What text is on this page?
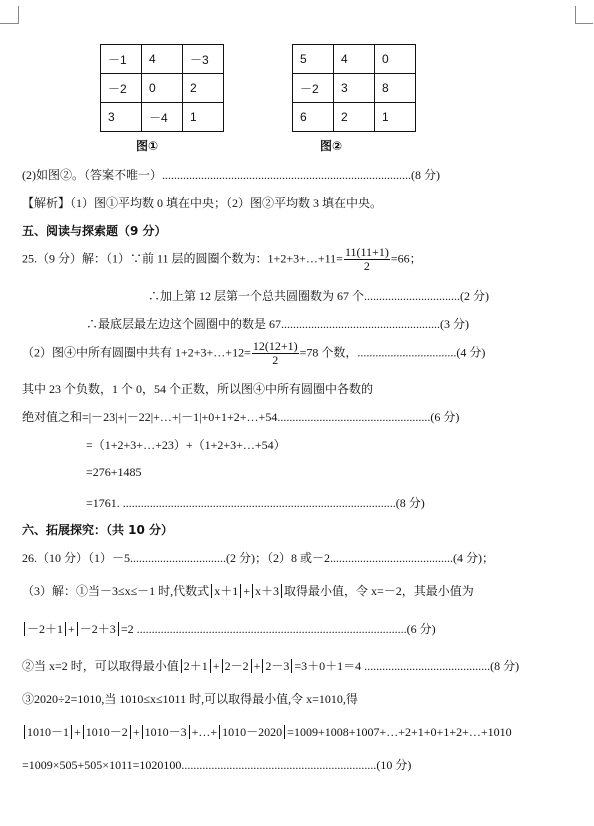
－1	4	－3
－2	0	2
3	－4	1
图①
5	4	0
－2	3	8
6	2	1
图②
(2)如图②。（答案不唯一）...................................................................................(8 分)
【解析】（1）图①平均数 0 填在中央；（2）图②平均数 3 填在中央。
五、阅读与探索题（9 分）
25.（9 分）解：（1）∵前 11 层的圆圈个数为：1+2+3+…+11= $\frac{11(11+1)}{2} =66$；
∴加上第 12 层第一个总共圆圈数为 67 个................................(2 分)
∴最底层最左边这个圆圈中的数是 67.....................................................(3 分)
（2）图④中所有圆圈中共有 1+2+3+…+12= $\frac{12(12+1)}{2} =78$ 个数，.................................(4 分)
其中 23 个负数，1 个 0，54 个正数，所以图④中所有圆圈中各数的
绝对值之和=|－23|+|－22|+…+|－1|+0+1+2+…+54...................................................(6 分)
=（1+2+3+…+23）+（1+2+3+…+54）
=276+1485
=1761. ...........................................................................................(8 分)
六、拓展探究：（共 10 分）
26.（10 分）（1）－5................................(2 分)；（2）8 或－2.........................................(4 分)；
（3）解：①当－3≤x≤－1 时,代数式 x＋1 + x＋3 取得最小值，令 x=－2，其最小值为
－2＋1 + －2＋3 =2 ..........................................................................................(6 分)
②当 x=2 时，可以取得最小值 2＋1 + 2－2 + 2－3 =3＋0＋1＝4 ..........................................(8 分)
③2020÷2=1010,当 1010≤x≤1011 时,可以取得最小值,令 x=1010,得
1010－1 + 1010－2 + 1010－3 +…+ 1010－2020 =1009+1008+1007+…+2+1+0+1+2+…+1010
=1009×505+505×1011=1020100.................................................................(10 分)
